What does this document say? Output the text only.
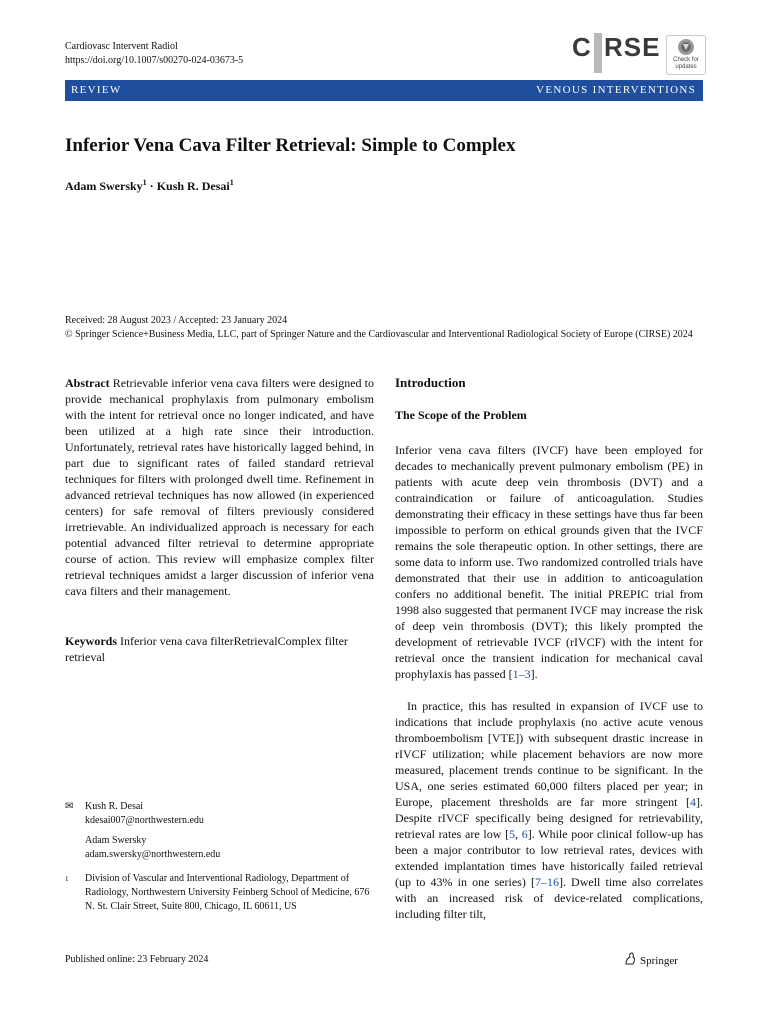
Cardiovasc Intervent Radiol
https://doi.org/10.1007/s00270-024-03673-5	C RSE	Check for
updates
REVIEW	VENOUS INTERVENTIONS
Inferior Vena Cava Filter Retrieval: Simple to Complex
Adam Swersky$^1$ · Kush R. Desai$^1$
Received: 28 August 2023 / Accepted: 23 January 2024
© Springer Science+Business Media, LLC, part of Springer Nature and the Cardiovascular and Interventional Radiological Society of Europe (CIRSE) 2024
Abstract Retrievable inferior vena cava filters were designed to provide mechanical prophylaxis from pulmonary embolism with the intent for retrieval once no longer indicated, and have been utilized at a high rate since their introduction. Unfortunately, retrieval rates have historically lagged behind, in part due to significant rates of failed standard retrieval techniques for filters with prolonged dwell time. Refinement in advanced retrieval techniques has now allowed (in experienced centers) for safe removal of filters previously considered irretrievable. An individualized approach is necessary for each potential advanced filter retrieval to determine appropriate course of action. This review will emphasize complex filter retrieval techniques amidst a larger discussion of inferior vena cava filters and their management.
Keywords Inferior vena cava filterRetrievalComplex filter retrieval
✉ Kush R. Desai
kdesai007@northwestern.edu
Adam Swersky
adam.swersky@northwestern.edu
1 Division of Vascular and Interventional Radiology, Department of Radiology, Northwestern University Feinberg School of Medicine, 676 N. St. Clair Street, Suite 800, Chicago, IL 60611, US
Introduction
The Scope of the Problem
Inferior vena cava filters (IVCF) have been employed for decades to mechanically prevent pulmonary embolism (PE) in patients with acute deep vein thrombosis (DVT) and a contraindication or failure of anticoagulation. Studies demonstrating their efficacy in these settings have thus far been impossible to perform on ethical grounds given that the IVCF remains the sole therapeutic option. In other settings, there are some data to inform use. Two randomized controlled trials have demonstrated that their use in addition to anticoagulation confers no additional benefit. The initial PREPIC trial from 1998 also suggested that permanent IVCF may increase the risk of deep vein thrombosis (DVT); this likely prompted the development of retrievable IVCF (rIVCF) with the intent for retrieval once the transient indication for mechanical caval prophylaxis has passed [1–3].
In practice, this has resulted in expansion of IVCF use to indications that include prophylaxis (no active acute venous thromboembolism [VTE]) with subsequent drastic increase in rIVCF utilization; while placement behaviors are now more measured, placement trends continue to be significant. In the USA, one series estimated 60,000 filters placed per year; in Europe, placement thresholds are far more stringent [4]. Despite rIVCF specifically being designed for retrievability, retrieval rates are low [5, 6]. While poor clinical follow-up has been a major contributor to low retrieval rates, devices with extended implantation times have historically failed retrieval (up to 43% in one series) [7–16]. Dwell time also correlates with an increased risk of device-related complications, including filter tilt,
Published online: 23 February 2024	Springer
